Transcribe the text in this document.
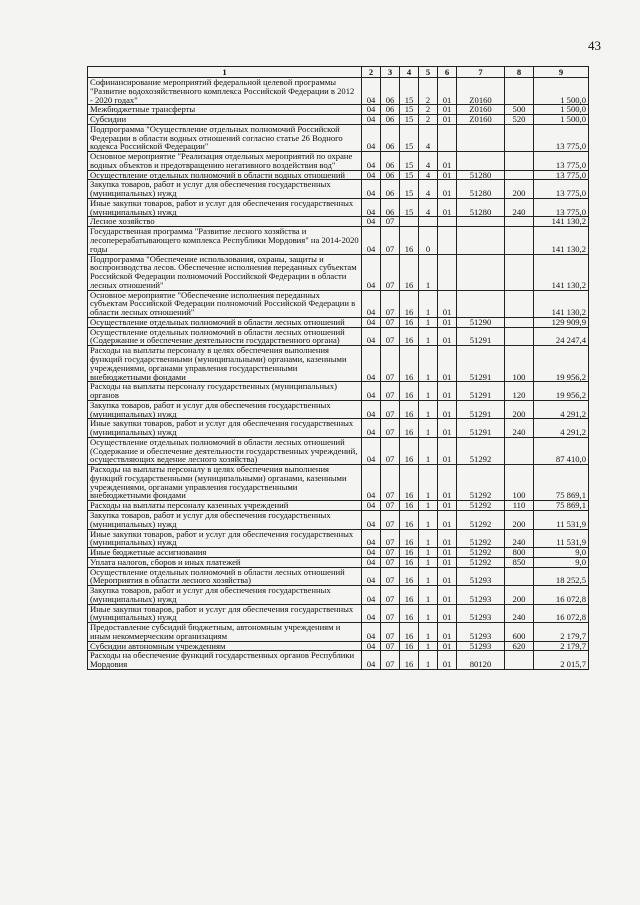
43
1	2	3	4	5	6	7	8	9
Софинансирование мероприятий федеральной целевой программы "Развитие водохозяйственного комплекса Российской Федерации в 2012 - 2020 годах"	04	06	15	2	01	Z0160		1 500,0
Межбюджетные трансферты	04	06	15	2	01	Z0160	500	1 500,0
Субсидии	04	06	15	2	01	Z0160	520	1 500,0
Подпрограмма "Осуществление отдельных полномочий Российской Федерации в области водных отношений согласно статье 26 Водного кодекса Российской Федерации"	04	06	15	4				13 775,0
Основное мероприятие "Реализация отдельных мероприятий по охране водных объектов и предотвращению негативного воздействия вод"	04	06	15	4	01			13 775,0
Осуществление отдельных полномочий в области водных отношений	04	06	15	4	01	51280		13 775,0
Закупка товаров, работ и услуг для обеспечения государственных (муниципальных) нужд	04	06	15	4	01	51280	200	13 775,0
Иные закупки товаров, работ и услуг для обеспечения государственных (муниципальных) нужд	04	06	15	4	01	51280	240	13 775,0
Лесное хозяйство	04	07						141 130,2
Государственная программа "Развитие лесного хозяйства и лесоперерабатывающего комплекса Республики Мордовия" на 2014-2020 годы	04	07	16	0				141 130,2
Подпрограмма "Обеспечение использования, охраны, защиты и воспроизводства лесов. Обеспечение исполнения переданных субъектам Российской Федерации полномочий Российской Федерации в области лесных отношений"	04	07	16	1				141 130,2
Основное мероприятие "Обеспечение исполнения переданных субъектам Российской Федерации полномочий Российской Федерации в области лесных отношений"	04	07	16	1	01			141 130,2
Осуществление отдельных полномочий в области лесных отношений	04	07	16	1	01	51290		129 909,9
Осуществление отдельных полномочий в области лесных отношений (Содержание и обеспечение деятельности государственного органа)	04	07	16	1	01	51291		24 247,4
Расходы на выплаты персоналу в целях обеспечения выполнения функций государственными (муниципальными) органами, казенными учреждениями, органами управления государственными внебюджетными фондами	04	07	16	1	01	51291	100	19 956,2
Расходы на выплаты персоналу государственных (муниципальных) органов	04	07	16	1	01	51291	120	19 956,2
Закупка товаров, работ и услуг для обеспечения государственных (муниципальных) нужд	04	07	16	1	01	51291	200	4 291,2
Иные закупки товаров, работ и услуг для обеспечения государственных (муниципальных) нужд	04	07	16	1	01	51291	240	4 291,2
Осуществление отдельных полномочий в области лесных отношений (Содержание и обеспечение деятельности государственных учреждений, осуществляющих ведение лесного хозяйства)	04	07	16	1	01	51292		87 410,0
Расходы на выплаты персоналу в целях обеспечения выполнения функций государственными (муниципальными) органами, казенными учреждениями, органами управления государственными внебюджетными фондами	04	07	16	1	01	51292	100	75 869,1
Расходы на выплаты персоналу казенных учреждений	04	07	16	1	01	51292	110	75 869,1
Закупка товаров, работ и услуг для обеспечения государственных (муниципальных) нужд	04	07	16	1	01	51292	200	11 531,9
Иные закупки товаров, работ и услуг для обеспечения государственных (муниципальных) нужд	04	07	16	1	01	51292	240	11 531,9
Иные бюджетные ассигнования	04	07	16	1	01	51292	800	9,0
Уплата налогов, сборов и иных платежей	04	07	16	1	01	51292	850	9,0
Осуществление отдельных полномочий в области лесных отношений (Мероприятия в области лесного хозяйства)	04	07	16	1	01	51293		18 252,5
Закупка товаров, работ и услуг для обеспечения государственных (муниципальных) нужд	04	07	16	1	01	51293	200	16 072,8
Иные закупки товаров, работ и услуг для обеспечения государственных (муниципальных) нужд	04	07	16	1	01	51293	240	16 072,8
Предоставление субсидий бюджетным, автономным учреждениям и иным некоммерческим организациям	04	07	16	1	01	51293	600	2 179,7
Субсидии автономным учреждениям	04	07	16	1	01	51293	620	2 179,7
Расходы на обеспечение функций государственных органов Республики Мордовия	04	07	16	1	01	80120		2 015,7
